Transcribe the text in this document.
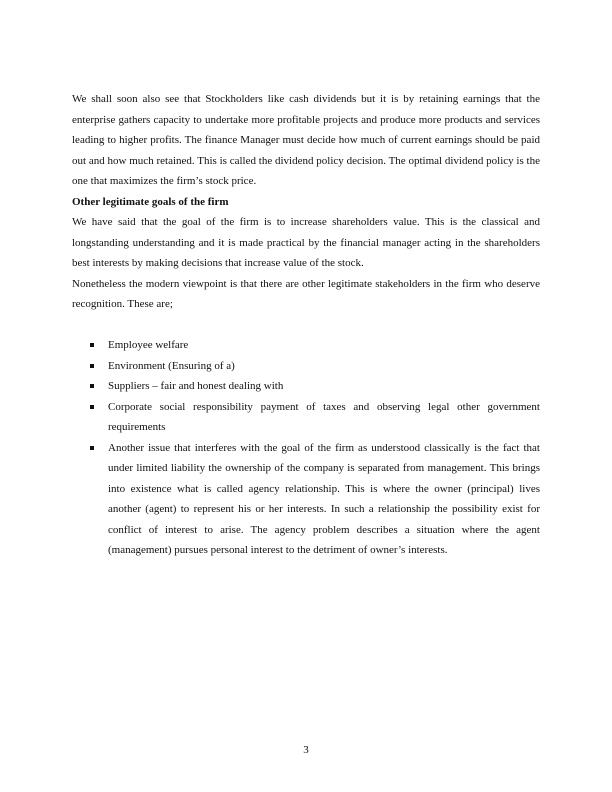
We shall soon also see that Stockholders like cash dividends but it is by retaining earnings that the enterprise gathers capacity to undertake more profitable projects and produce more products and services leading to higher profits. The finance Manager must decide how much of current earnings should be paid out and how much retained. This is called the dividend policy decision. The optimal dividend policy is the one that maximizes the firm’s stock price.

Other legitimate goals of the firm

We have said that the goal of the firm is to increase shareholders value. This is the classical and longstanding understanding and it is made practical by the financial manager acting in the shareholders best interests by making decisions that increase value of the stock.

Nonetheless the modern viewpoint is that there are other legitimate stakeholders in the firm who deserve recognition. These are;

Employee welfare
Environment (Ensuring of a)
Suppliers – fair and honest dealing with
Corporate social responsibility payment of taxes and observing legal other government requirements
Another issue that interferes with the goal of the firm as understood classically is the fact that under limited liability the ownership of the company is separated from management. This brings into existence what is called agency relationship. This is where the owner (principal) lives another (agent) to represent his or her interests. In such a relationship the possibility exist for conflict of interest to arise. The agency problem describes a situation where the agent (management) pursues personal interest to the detriment of owner’s interests.
3
